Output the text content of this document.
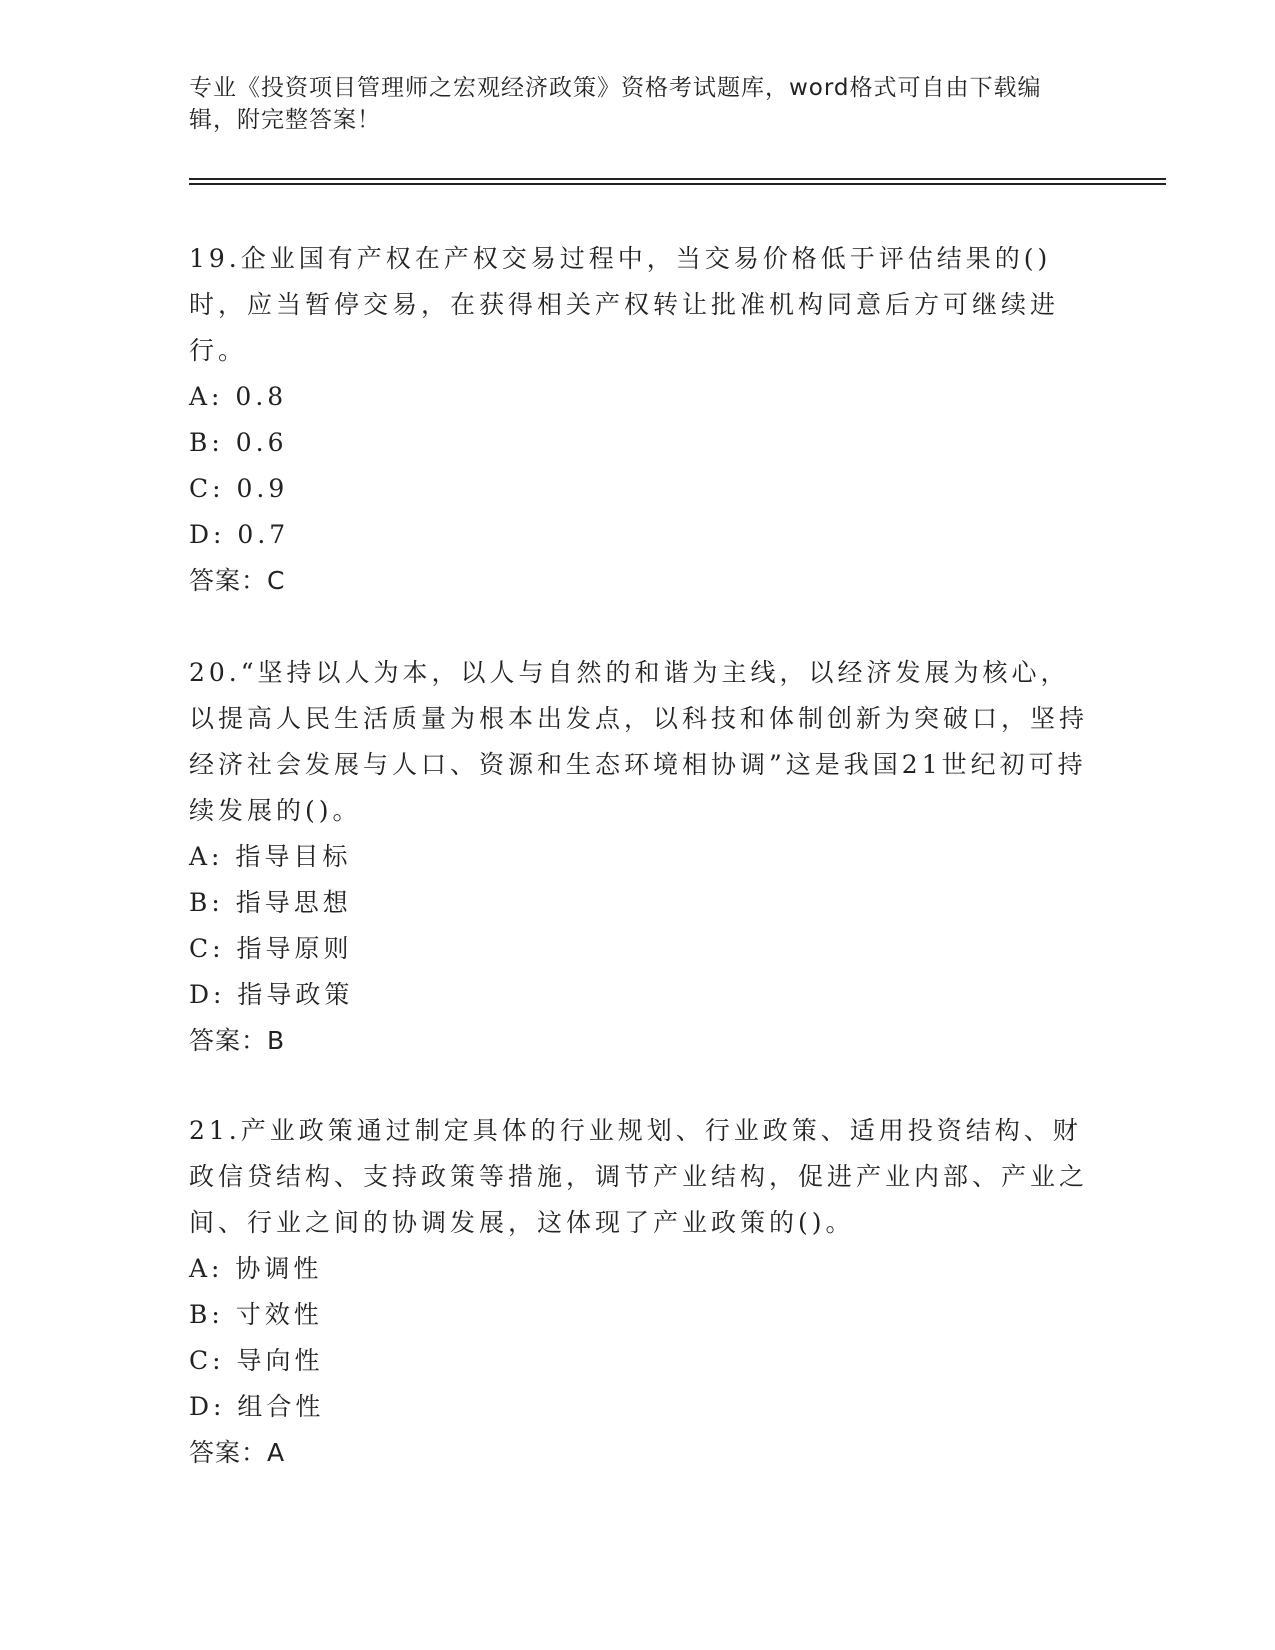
专业《投资项目管理师之宏观经济政策》资格考试题库，word格式可自由下载编辑，附完整答案！

19.企业国有产权在产权交易过程中，当交易价格低于评估结果的()时，应当暂停交易，在获得相关产权转让批准机构同意后方可继续进行。

A: 0.8

B: 0.6

C: 0.9

D: 0.7

答案：C

20.“坚持以人为本，以人与自然的和谐为主线，以经济发展为核心，以提高人民生活质量为根本出发点，以科技和体制创新为突破口，坚持经济社会发展与人口、资源和生态环境相协调”这是我国21世纪初可持续发展的()。

A: 指导目标

B: 指导思想

C: 指导原则

D: 指导政策

答案：B

21.产业政策通过制定具体的行业规划、行业政策、适用投资结构、财政信贷结构、支持政策等措施，调节产业结构，促进产业内部、产业之间、行业之间的协调发展，这体现了产业政策的()。

A: 协调性

B: 寸效性

C: 导向性

D: 组合性

答案：A
